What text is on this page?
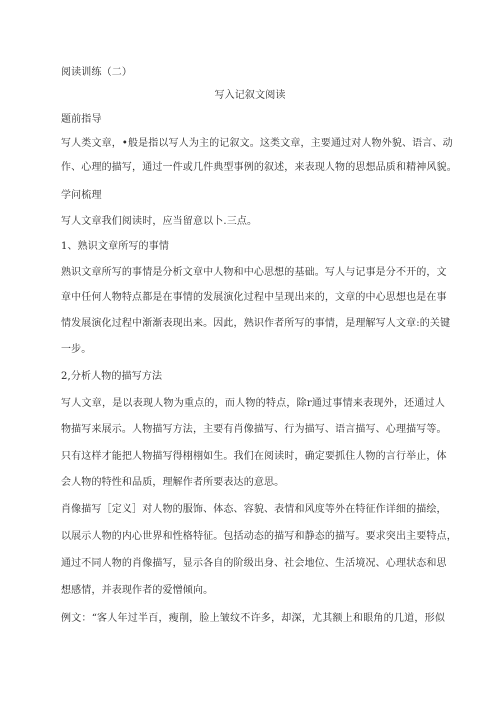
阅读训练（二）
写入记叙文阅读
题前指导
写人类文章，•般是指以写人为主的记叙文。这类文章，主要通过对人物外貌、语言、动
作、心理的描写，通过一件或几件典型事例的叙述，来表现人物的思想品质和精神风貌。
学问梳理
写人文章我们阅读时，应当留意以卜.三点。
1、熟识文章所写的事情
熟识文章所写的事情是分析文章中人物和中心思想的基础。写人与记事是分不开的，文
章中任何人物特点都是在事情的发展演化过程中呈现出来的，文章的中心思想也是在事
情发展演化过程中渐渐表现出来。因此，熟识作者所写的事情，是理解写人文章:的关键
一步。
2,分析人物的描写方法
写人文章，是以表现人物为重点的，而人物的特点，除r通过事情来表现外，还通过人
物描写来展示。人物描写方法，主要有肖像描写、行为描写、语言描写、心理描写等。
只有这样才能把人物描写得栩栩如生。我们在阅读时，确定要抓住人物的言行举止，体
会人物的特性和品质，理解作者所要表达的意思。
肖像描写［定义］对人物的服饰、体态、容貌、表情和风度等外在特征作详细的描绘，
以展示人物的内心世界和性格特征。包括动态的描写和静态的描写。要求突出主要特点，
通过不同人物的肖像描写，显示各自的阶级出身、社会地位、生活境况、心理状态和思
想感情，并表现作者的爱憎倾向。
例文：“客人年过半百，瘦削，脸上皱纹不许多，却深，尤其额上和眼角的几道，形似
